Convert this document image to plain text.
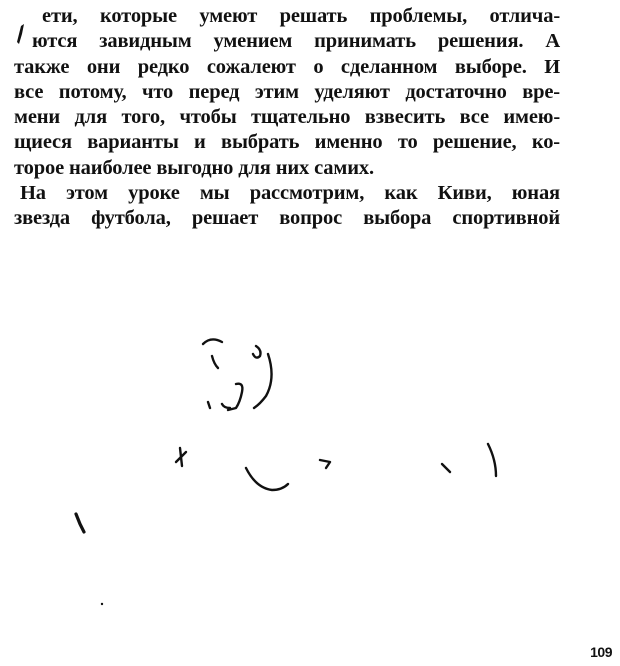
ети, которые умеют решать проблемы, отлича-
ются завидным умением принимать решения. А
также они редко сожалеют о сделанном выборе. И
все потому, что перед этим уделяют достаточно вре-
мени для того, чтобы тщательно взвесить все имею-
щиеся варианты и выбрать именно то решение, ко-
торое наиболее выгодно для них самих.
На этом уроке мы рассмотрим, как Киви, юная
звезда футбола, решает вопрос выбора спортивной
109
